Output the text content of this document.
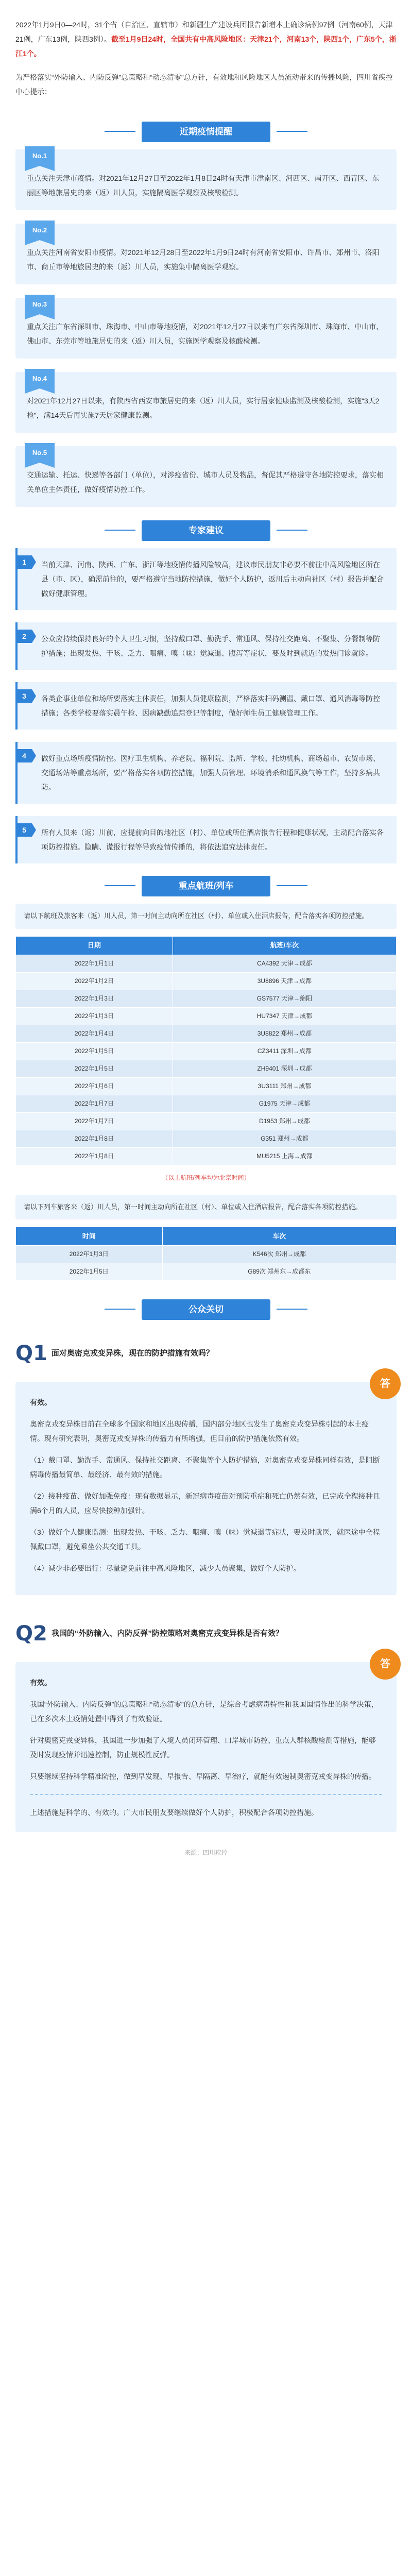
2022年1月9日0—24时，31个省（自治区、直辖市）和新疆生产建设兵团报告新增本土确诊病例97例（河南60例，天津21例，广东13例，陕西3例）。截至1月9日24时，全国共有中高风险地区：天津21个，河南13个，陕西1个，广东5个，浙江1个。

为严格落实“外防输入、内防反弹”总策略和“动态清零”总方针，有效地和风险地区人员流动带来的传播风险，四川省疾控中心提示：

近期疫情提醒
No.1
重点关注天津市疫情。对2021年12月27日至2022年1月8日24时有天津市津南区、河西区、南开区、西青区、东丽区等地旅居史的来（返）川人员，实施隔离医学观察及核酸检测。
No.2
重点关注河南省安阳市疫情。对2021年12月28日至2022年1月9日24时有河南省安阳市、许昌市、郑州市、洛阳市、商丘市等地旅居史的来（返）川人员，实施集中隔离医学观察。
No.3
重点关注广东省深圳市、珠海市、中山市等地疫情，对2021年12月27日以来有广东省深圳市、珠海市、中山市、佛山市、东莞市等地旅居史的来（返）川人员，实施医学观察及核酸检测。
No.4
对2021年12月27日以来，有陕西省西安市旅居史的来（返）川人员，实行居家健康监测及核酸检测，实施“3天2检”，满14天后再实施7天居家健康监测。
No.5
交通运输、托运、快递等各部门（单位），对涉疫省份、城市人员及物品，督促其严格遵守各地防控要求，落实相关单位主体责任，做好疫情防控工作。
专家建议
1	当前天津、河南、陕西、广东、浙江等地疫情传播风险较高，建议市民朋友非必要不前往中高风险地区所在县（市、区），确需前往的，要严格遵守当地防控措施，做好个人防护，返川后主动向社区（村）报告并配合做好健康管理。
2	公众应持续保持良好的个人卫生习惯，坚持戴口罩、勤洗手、常通风、保持社交距离、不聚集、分餐制等防护措施；出现发热、干咳、乏力、咽痛、嗅（味）觉减退、腹泻等症状，要及时到就近的发热门诊就诊。
3	各类企事业单位和场所要落实主体责任，加强人员健康监测，严格落实扫码测温、戴口罩、通风消毒等防控措施；各类学校要落实晨午检、因病缺勤追踪登记等制度，做好师生员工健康管理工作。
4	做好重点场所疫情防控。医疗卫生机构、养老院、福利院、监所、学校、托幼机构、商场超市、农贸市场、交通场站等重点场所，要严格落实各项防控措施，加强人员管理、环境消杀和通风换气等工作，坚持多病共防。
5	所有人员来（返）川前，应提前向目的地社区（村）、单位或所住酒店报告行程和健康状况，主动配合落实各项防控措施。隐瞒、谎报行程等导致疫情传播的，将依法追究法律责任。
重点航班/列车
请以下航班及旅客来（返）川人员，第一时间主动向所在社区（村）、单位或入住酒店报告，配合落实各项防控措施。
日期	航班/车次
2022年1月1日	CA4392 天津→成都
2022年1月2日	3U8896 天津→成都
2022年1月3日	GS7577 天津→绵阳
2022年1月3日	HU7347 天津→成都
2022年1月4日	3U8822 郑州→成都
2022年1月5日	CZ3411 深圳→成都
2022年1月5日	ZH9401 深圳→成都
2022年1月6日	3U3111 郑州→成都
2022年1月7日	G1975 天津→成都
2022年1月7日	D1953 郑州→成都
2022年1月8日	G351 郑州→成都
2022年1月8日	MU5215 上海→成都
（以上航班/列车均为北京时间）
请以下列车旅客来（返）川人员，第一时间主动向所在社区（村）、单位或入住酒店报告，配合落实各项防控措施。
时间	车次
2022年1月3日	K546次 郑州→成都
2022年1月5日	G89次 郑州东→成都东
公众关切
Q1 面对奥密克戎变异株，现在的防护措施有效吗？
答

有效。

奥密克戎变异株目前在全球多个国家和地区出现传播，国内部分地区也发生了奥密克戎变异株引起的本土疫情。现有研究表明，奥密克戎变异株的传播力有所增强，但目前的防护措施依然有效。

（1）戴口罩、勤洗手、常通风、保持社交距离、不聚集等个人防护措施，对奥密克戎变异株同样有效，是阻断病毒传播最简单、最经济、最有效的措施。

（2）接种疫苗、做好加强免疫：现有数据显示，新冠病毒疫苗对预防重症和死亡仍然有效，已完成全程接种且满6个月的人员，应尽快接种加强针。

（3）做好个人健康监测：出现发热、干咳、乏力、咽痛、嗅（味）觉减退等症状，要及时就医，就医途中全程佩戴口罩，避免乘坐公共交通工具。

（4）减少非必要出行：尽量避免前往中高风险地区，减少人员聚集，做好个人防护。

Q2 我国的“外防输入、内防反弹”防控策略对奥密克戎变异株是否有效？
答

有效。

我国“外防输入、内防反弹”的总策略和“动态清零”的总方针，是综合考虑病毒特性和我国国情作出的科学决策，已在多次本土疫情处置中得到了有效验证。

针对奥密克戎变异株，我国进一步加强了入境人员闭环管理、口岸城市防控、重点人群核酸检测等措施，能够及时发现疫情并迅速控制，防止规模性反弹。

只要继续坚持科学精准防控，做到早发现、早报告、早隔离、早治疗，就能有效遏制奥密克戎变异株的传播。

上述措施是科学的、有效的。广大市民朋友要继续做好个人防护，积极配合各项防控措施。
来源：四川疾控
